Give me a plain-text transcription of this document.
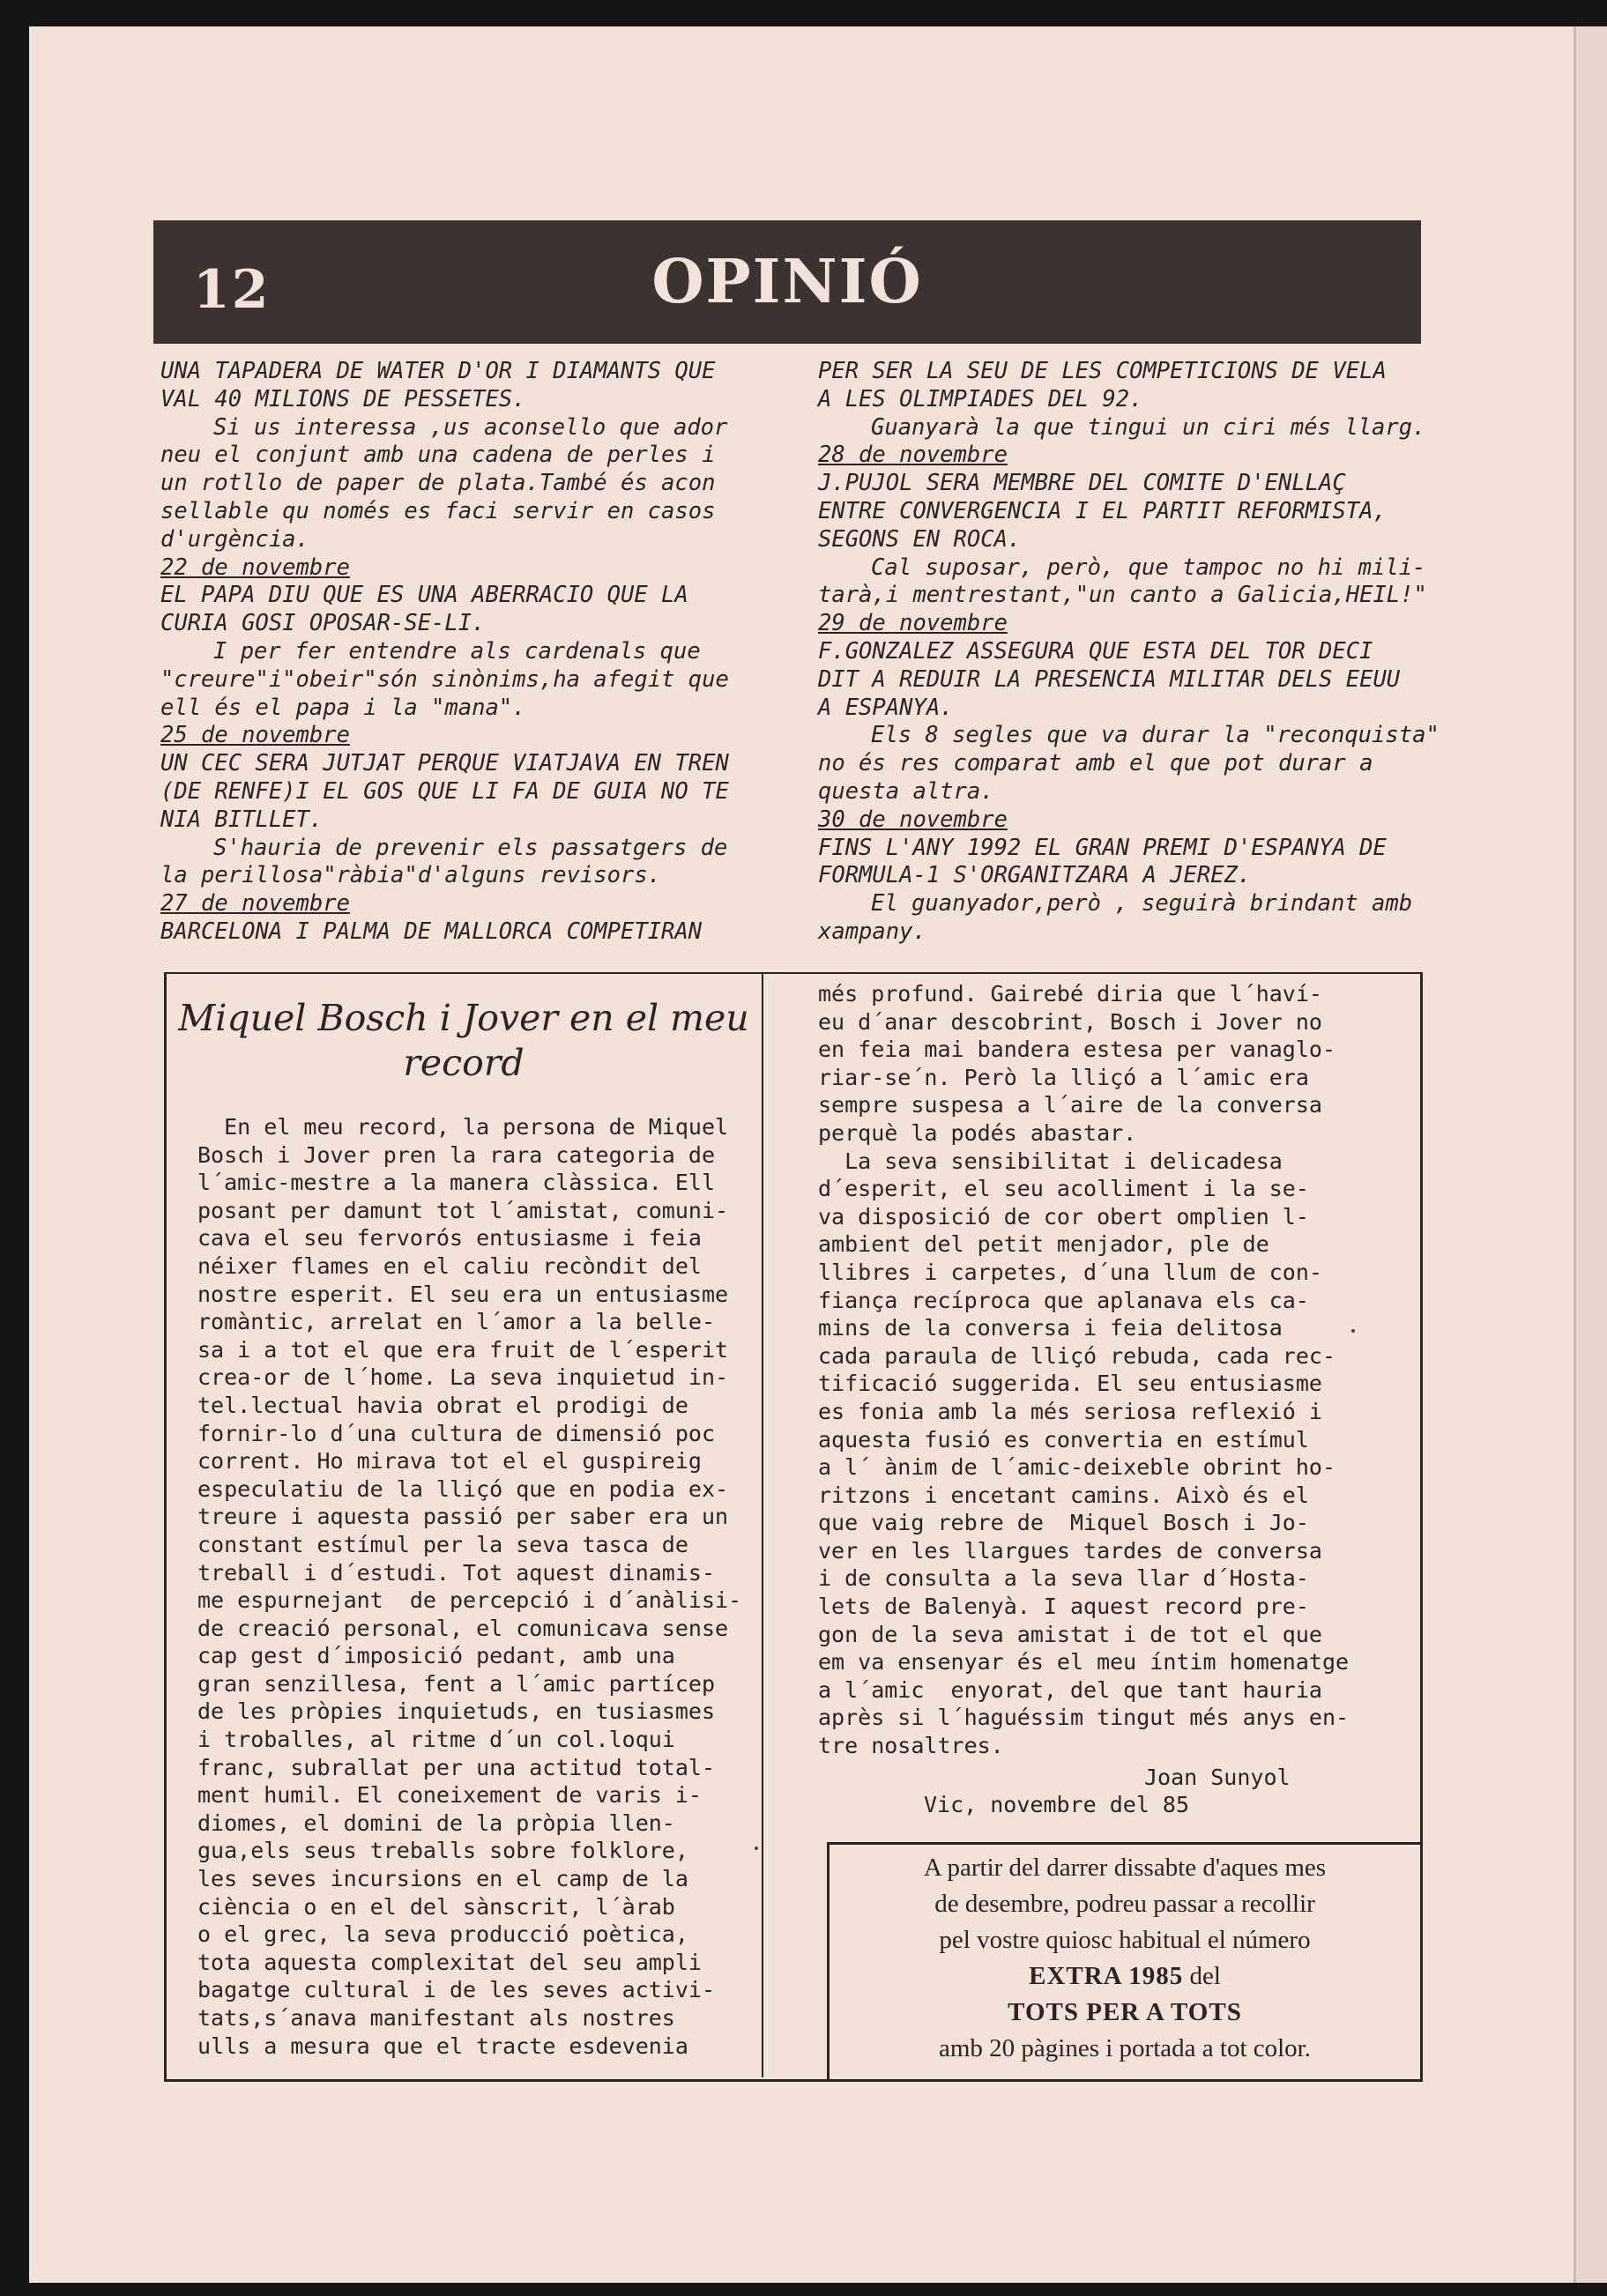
12	OPINIÓ

UNA TAPADERA DE WATER D'OR I DIAMANTS QUE

VAL 40 MILIONS DE PESSETES.

Si us interessa ,us aconsello que ador

neu el conjunt amb una cadena de perles i

un rotllo de paper de plata.També és acon

sellable qu només es faci servir en casos

d'urgència.

22 de novembre

EL PAPA DIU QUE ES UNA ABERRACIO QUE LA

CURIA GOSI OPOSAR-SE-LI.

I per fer entendre als cardenals que

"creure"i"obeir"són sinònims,ha afegit que

ell és el papa i la "mana".

25 de novembre

UN CEC SERA JUTJAT PERQUE VIATJAVA EN TREN

(DE RENFE)I EL GOS QUE LI FA DE GUIA NO TE

NIA BITLLET.

S'hauria de prevenir els passatgers de

la perillosa"ràbia"d'alguns revisors.

27 de novembre

BARCELONA I PALMA DE MALLORCA COMPETIRAN

PER SER LA SEU DE LES COMPETICIONS DE VELA

A LES OLIMPIADES DEL 92.

Guanyarà la que tingui un ciri més llarg.

28 de novembre

J.PUJOL SERA MEMBRE DEL COMITE D'ENLLAÇ

ENTRE CONVERGENCIA I EL PARTIT REFORMISTA,

SEGONS EN ROCA.

Cal suposar, però, que tampoc no hi mili-

tarà,i mentrestant,"un canto a Galicia,HEIL!"

29 de novembre

F.GONZALEZ ASSEGURA QUE ESTA DEL TOR DECI

DIT A REDUIR LA PRESENCIA MILITAR DELS EEUU

A ESPANYA.

Els 8 segles que va durar la "reconquista"

no és res comparat amb el que pot durar a

questa altra.

30 de novembre

FINS L'ANY 1992 EL GRAN PREMI D'ESPANYA DE

FORMULA-1 S'ORGANITZARA A JEREZ.

El guanyador,però , seguirà brindant amb

xampany.

Miquel Bosch i Jover en el meu
record

En el meu record, la persona de Miquel

Bosch i Jover pren la rara categoria de

l´amic-mestre a la manera clàssica. Ell

posant per damunt tot l´amistat, comuni-

cava el seu fervorós entusiasme i feia

néixer flames en el caliu recòndit del

nostre esperit. El seu era un entusiasme

romàntic, arrelat en l´amor a la belle-

sa i a tot el que era fruit de l´esperit

crea-or de l´home. La seva inquietud in-

tel.lectual havia obrat el prodigi de

fornir-lo d´una cultura de dimensió poc

corrent. Ho mirava tot el el guspireig

especulatiu de la lliçó que en podia ex-

treure i aquesta passió per saber era un

constant estímul per la seva tasca de

treball i d´estudi. Tot aquest dinamis-

me espurnejant  de percepció i d´anàlisi-

de creació personal, el comunicava sense

cap gest d´imposició pedant, amb una

gran senzillesa, fent a l´amic partícep

de les pròpies inquietuds, en tusiasmes

i troballes, al ritme d´un col.loqui

franc, subrallat per una actitud total-

ment humil. El coneixement de varis i-

diomes, el domini de la pròpia llen-

gua,els seus treballs sobre folklore,

les seves incursions en el camp de la

ciència o en el del sànscrit, l´àrab

o el grec, la seva producció poètica,

tota aquesta complexitat del seu ampli

bagatge cultural i de les seves activi-

tats,s´anava manifestant als nostres

ulls a mesura que el tracte esdevenia

més profund. Gairebé diria que l´haví-

eu d´anar descobrint, Bosch i Jover no

en feia mai bandera estesa per vanaglo-

riar-se´n. Però la lliçó a l´amic era

sempre suspesa a l´aire de la conversa

perquè la podés abastar.

La seva sensibilitat i delicadesa

d´esperit, el seu acolliment i la se-

va disposició de cor obert omplien l-

ambient del petit menjador, ple de

llibres i carpetes, d´una llum de con-

fiança recíproca que aplanava els ca-

mins de la conversa i feia delitosa

cada paraula de lliçó rebuda, cada rec-

tificació suggerida. El seu entusiasme

es fonia amb la més seriosa reflexió i

aquesta fusió es convertia en estímul

a l´ ànim de l´amic-deixeble obrint ho-

ritzons i encetant camins. Això és el

que vaig rebre de  Miquel Bosch i Jo-

ver en les llargues tardes de conversa

i de consulta a la seva llar d´Hosta-

lets de Balenyà. I aquest record pre-

gon de la seva amistat i de tot el que

em va ensenyar és el meu íntim homenatge

a l´amic  enyorat, del que tant hauria

après si l´haguéssim tingut més anys en-

tre nosaltres.

Joan Sunyol

Vic, novembre del 85

A partir del darrer dissabte d'aques mes

de desembre, podreu passar a recollir

pel vostre quiosc habitual el número

EXTRA 1985 del

TOTS PER A TOTS

amb 20 pàgines i portada a tot color.
